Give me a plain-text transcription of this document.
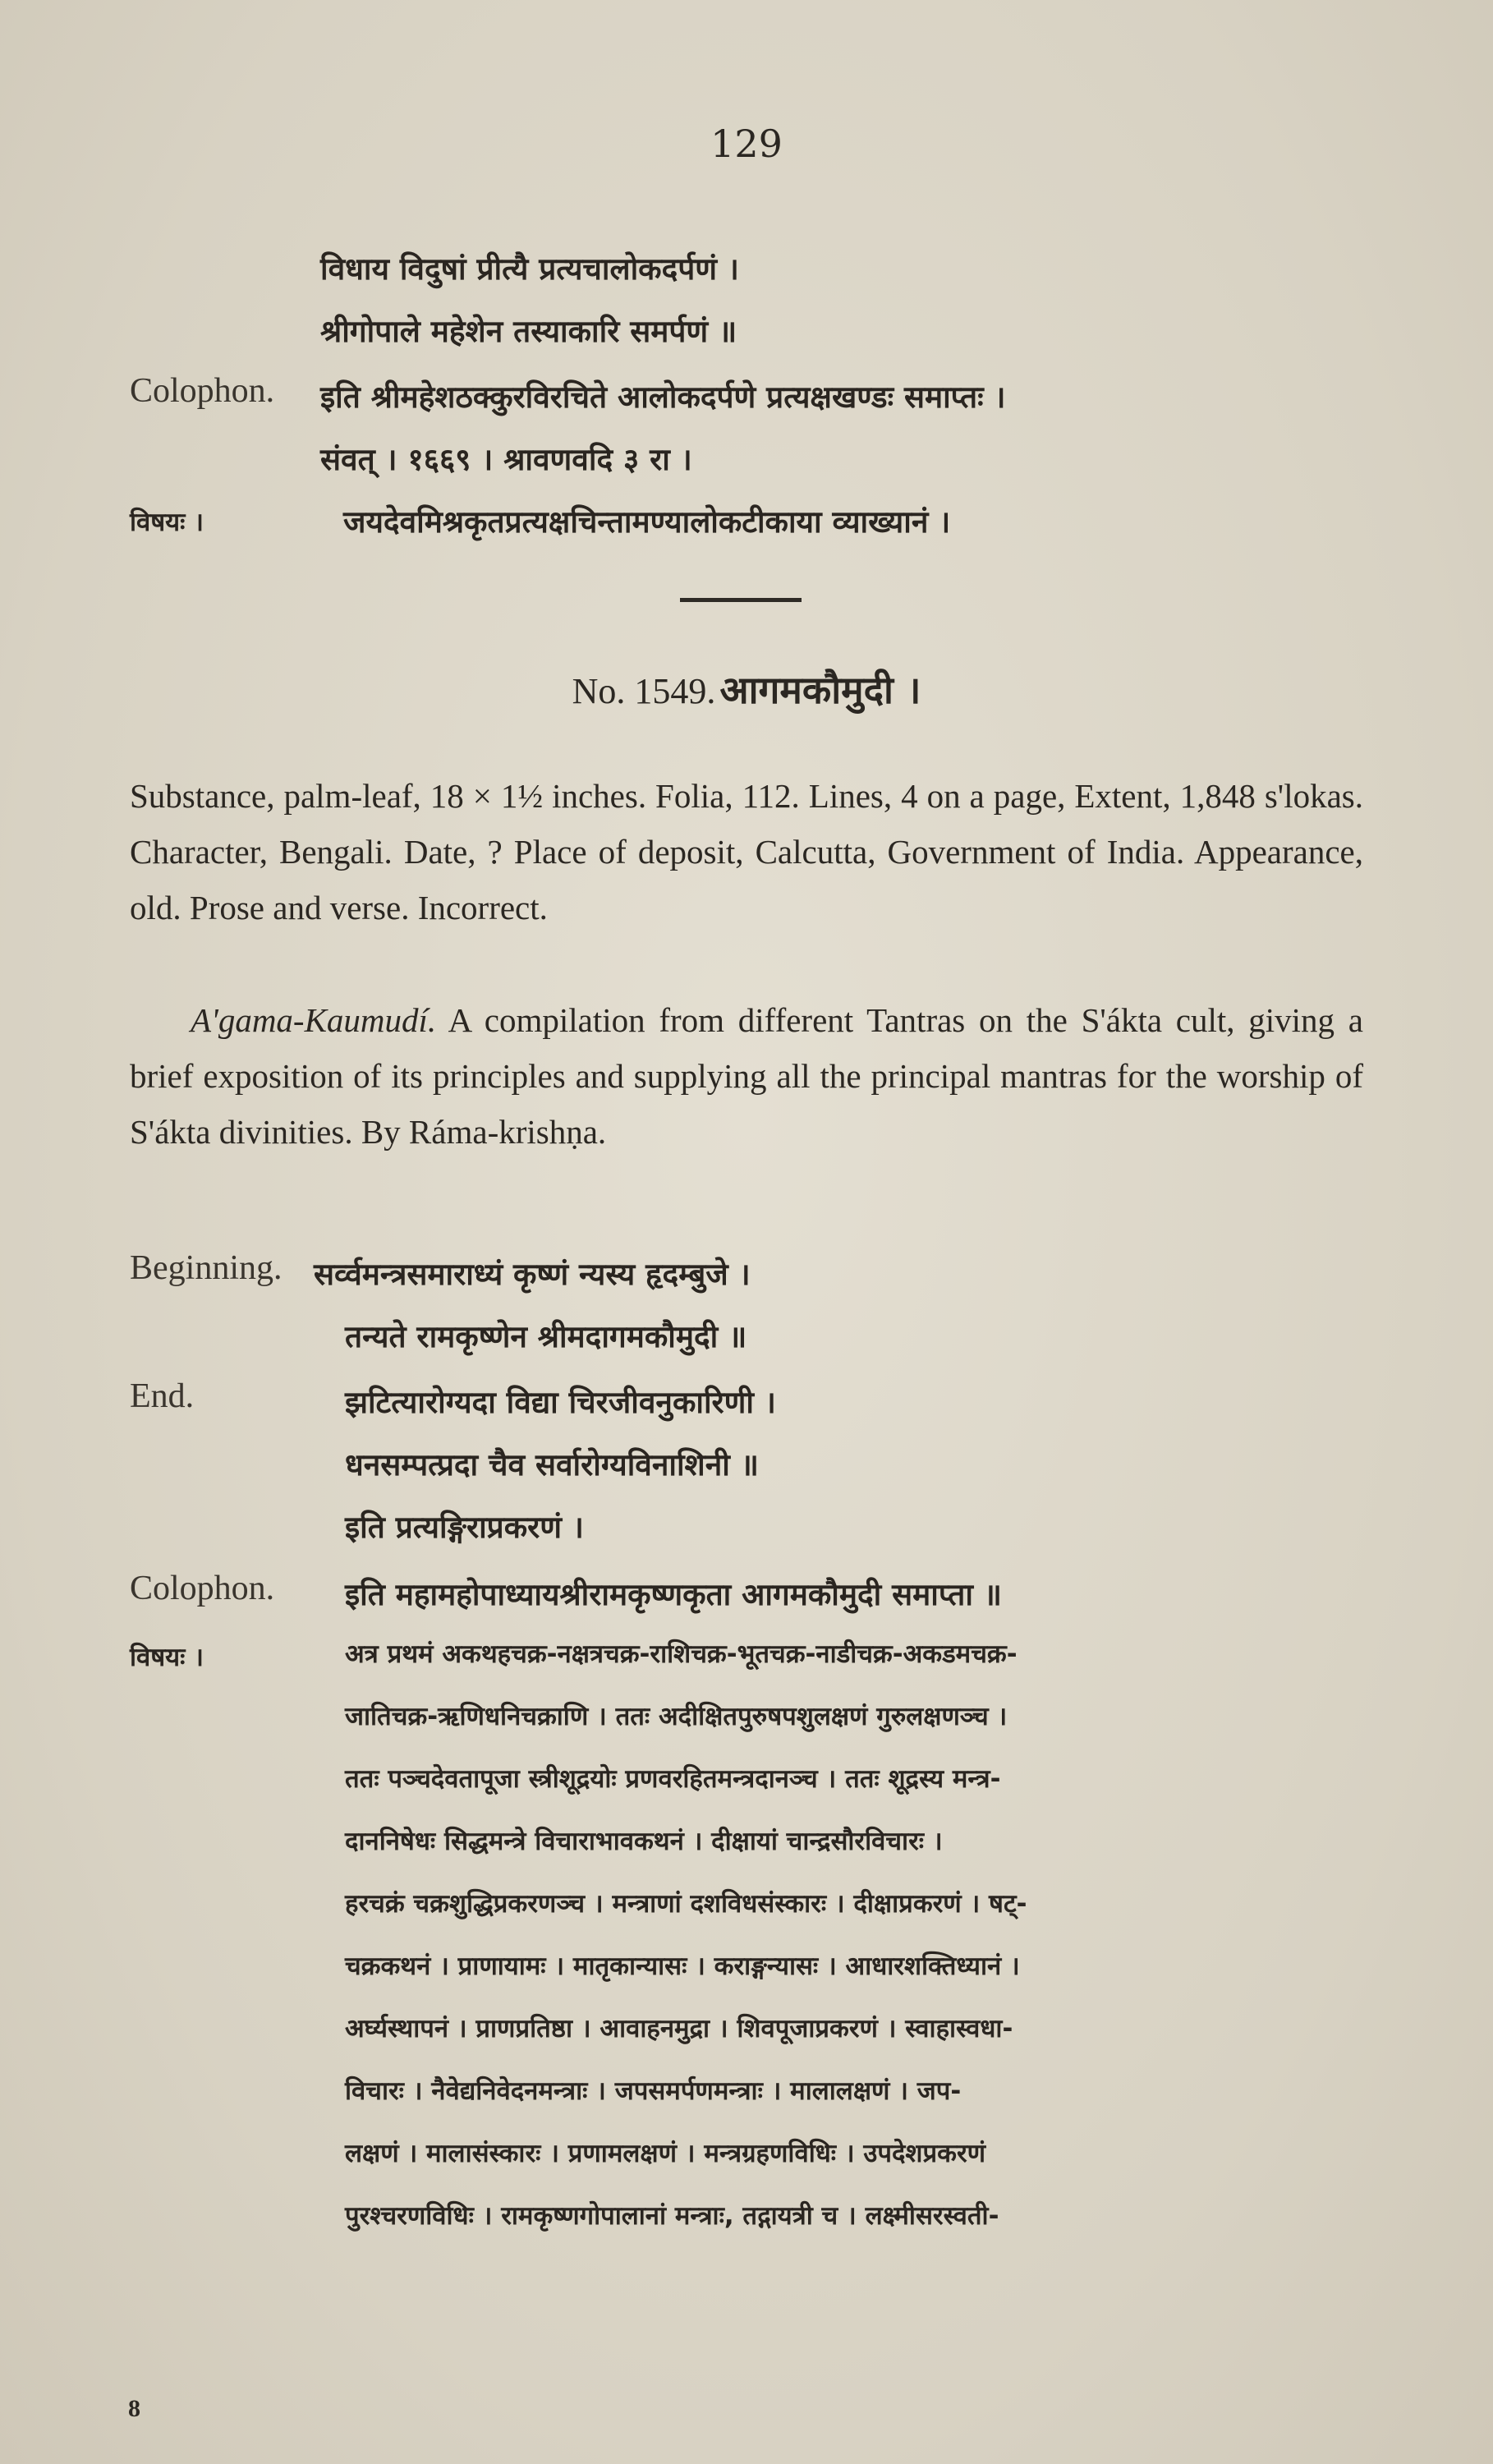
129
विधाय विदुषां प्रीत्यै प्रत्यचालोकदर्पणं ।
श्रीगोपाले महेशेन तस्याकारि समर्पणं ॥
Colophon. इति श्रीमहेशठक्कुरविरचिते आलोकदर्पणे प्रत्यक्षखण्डः समाप्तः ।
संवत् । १६६९ । श्रावणवदि ३ रा ।
विषयः ।	जयदेवमिश्रकृतप्रत्यक्षचिन्तामण्यालोकटीकाया व्याख्यानं ।
No. 1549. आगमकौमुदी ।

Substance, palm-leaf, 18 × 1½ inches. Folia, 112. Lines, 4 on a page, Extent, 1,848 s'lokas. Character, Bengali. Date, ? Place of deposit, Calcutta, Government of India. Appearance, old. Prose and verse. Incorrect.

A'gama-Kaumudí. A compilation from different Tantras on the S'ákta cult, giving a brief exposition of its principles and supplying all the principal mantras for the worship of S'ákta divinities. By Ráma-krishṇa.

Beginning. सर्व्वमन्त्रसमाराध्यं कृष्णं न्यस्य हृदम्बुजे ।
तन्यते रामकृष्णेन श्रीमदागमकौमुदी ॥
End.	झटित्यारोग्यदा विद्या चिरजीवनुकारिणी ।
धनसम्पत्प्रदा चैव सर्वारोग्यविनाशिनी ॥
इति प्रत्यङ्गिराप्रकरणं ।
Colophon. इति महामहोपाध्यायश्रीरामकृष्णकृता आगमकौमुदी समाप्ता ॥
विषयः ।	अत्र प्रथमं अकथहचक्र-नक्षत्रचक्र-राशिचक्र-भूतचक्र-नाडीचक्र-अकडमचक्र-
जातिचक्र-ऋणिधनिचक्राणि । ततः अदीक्षितपुरुषपशुलक्षणं गुरुलक्षणञ्च ।
ततः पञ्चदेवतापूजा स्त्रीशूद्रयोः प्रणवरहितमन्त्रदानञ्च । ततः शूद्रस्य मन्त्र-
दाननिषेधः सिद्धमन्त्रे विचाराभावकथनं । दीक्षायां चान्द्रसौरविचारः ।
हरचक्रं चक्रशुद्धिप्रकरणञ्च । मन्त्राणां दशविधसंस्कारः । दीक्षाप्रकरणं । षट्-
चक्रकथनं । प्राणायामः । मातृकान्यासः । कराङ्गन्यासः । आधारशक्तिध्यानं ।
अर्घ्यस्थापनं । प्राणप्रतिष्ठा । आवाहनमुद्रा । शिवपूजाप्रकरणं । स्वाहास्वधा-
विचारः । नैवेद्यनिवेदनमन्त्राः । जपसमर्पणमन्त्राः । मालालक्षणं । जप-
लक्षणं । मालासंस्कारः । प्रणामलक्षणं । मन्त्रग्रहणविधिः । उपदेशप्रकरणं
पुरश्चरणविधिः । रामकृष्णगोपालानां मन्त्राः, तद्गायत्री च । लक्ष्मीसरस्वती-
8
